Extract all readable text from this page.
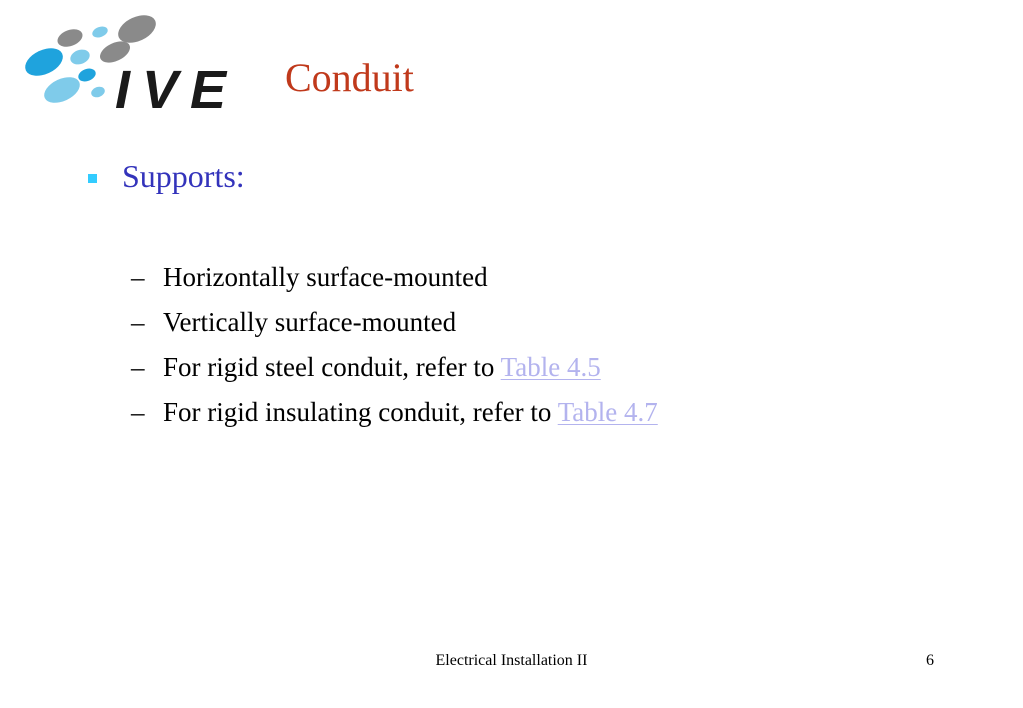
IVE Conduit
Supports:
– Horizontally surface-mounted
– Vertically surface-mounted
– For rigid steel conduit, refer to Table 4.5
– For rigid insulating conduit, refer to Table 4.7
Electrical Installation II	6
